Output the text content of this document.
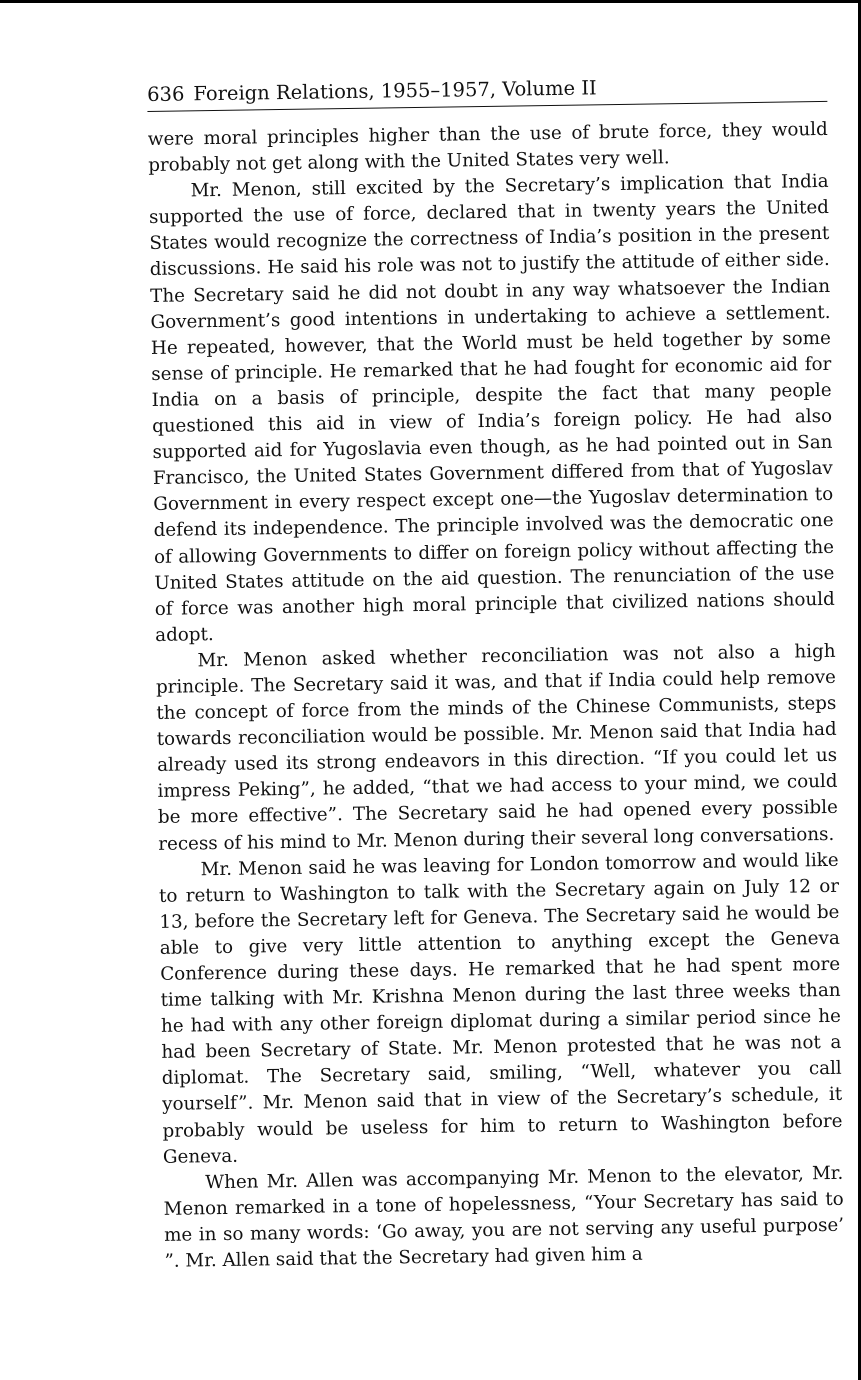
636 Foreign Relations, 1955–1957, Volume II

were moral principles higher than the use of brute force, they would probably not get along with the United States very well.

Mr. Menon, still excited by the Secretary’s implication that India supported the use of force, declared that in twenty years the United States would recognize the correctness of India’s position in the present discussions. He said his role was not to justify the attitude of either side. The Secretary said he did not doubt in any way whatsoever the Indian Government’s good intentions in undertaking to achieve a settlement. He repeated, however, that the World must be held together by some sense of principle. He remarked that he had fought for economic aid for India on a basis of principle, despite the fact that many people questioned this aid in view of India’s foreign policy. He had also supported aid for Yugoslavia even though, as he had pointed out in San Francisco, the United States Government differed from that of Yugoslav Government in every respect except one—the Yugoslav determination to defend its independence. The principle involved was the democratic one of allowing Governments to differ on foreign policy without affecting the United States attitude on the aid question. The renunciation of the use of force was another high moral principle that civilized nations should adopt.

Mr. Menon asked whether reconciliation was not also a high principle. The Secretary said it was, and that if India could help remove the concept of force from the minds of the Chinese Communists, steps towards reconciliation would be possible. Mr. Menon said that India had already used its strong endeavors in this direction. “If you could let us impress Peking”, he added, “that we had access to your mind, we could be more effective”. The Secretary said he had opened every possible recess of his mind to Mr. Menon during their several long conversations.

Mr. Menon said he was leaving for London tomorrow and would like to return to Washington to talk with the Secretary again on July 12 or 13, before the Secretary left for Geneva. The Secretary said he would be able to give very little attention to anything except the Geneva Conference during these days. He remarked that he had spent more time talking with Mr. Krishna Menon during the last three weeks than he had with any other foreign diplomat during a similar period since he had been Secretary of State. Mr. Menon protested that he was not a diplomat. The Secretary said, smiling, “Well, whatever you call yourself”. Mr. Menon said that in view of the Secretary’s schedule, it probably would be useless for him to return to Washington before Geneva.

When Mr. Allen was accompanying Mr. Menon to the elevator, Mr. Menon remarked in a tone of hopelessness, “Your Secretary has said to me in so many words: ‘Go away, you are not serving any useful purpose’ ”. Mr. Allen said that the Secretary had given him a
